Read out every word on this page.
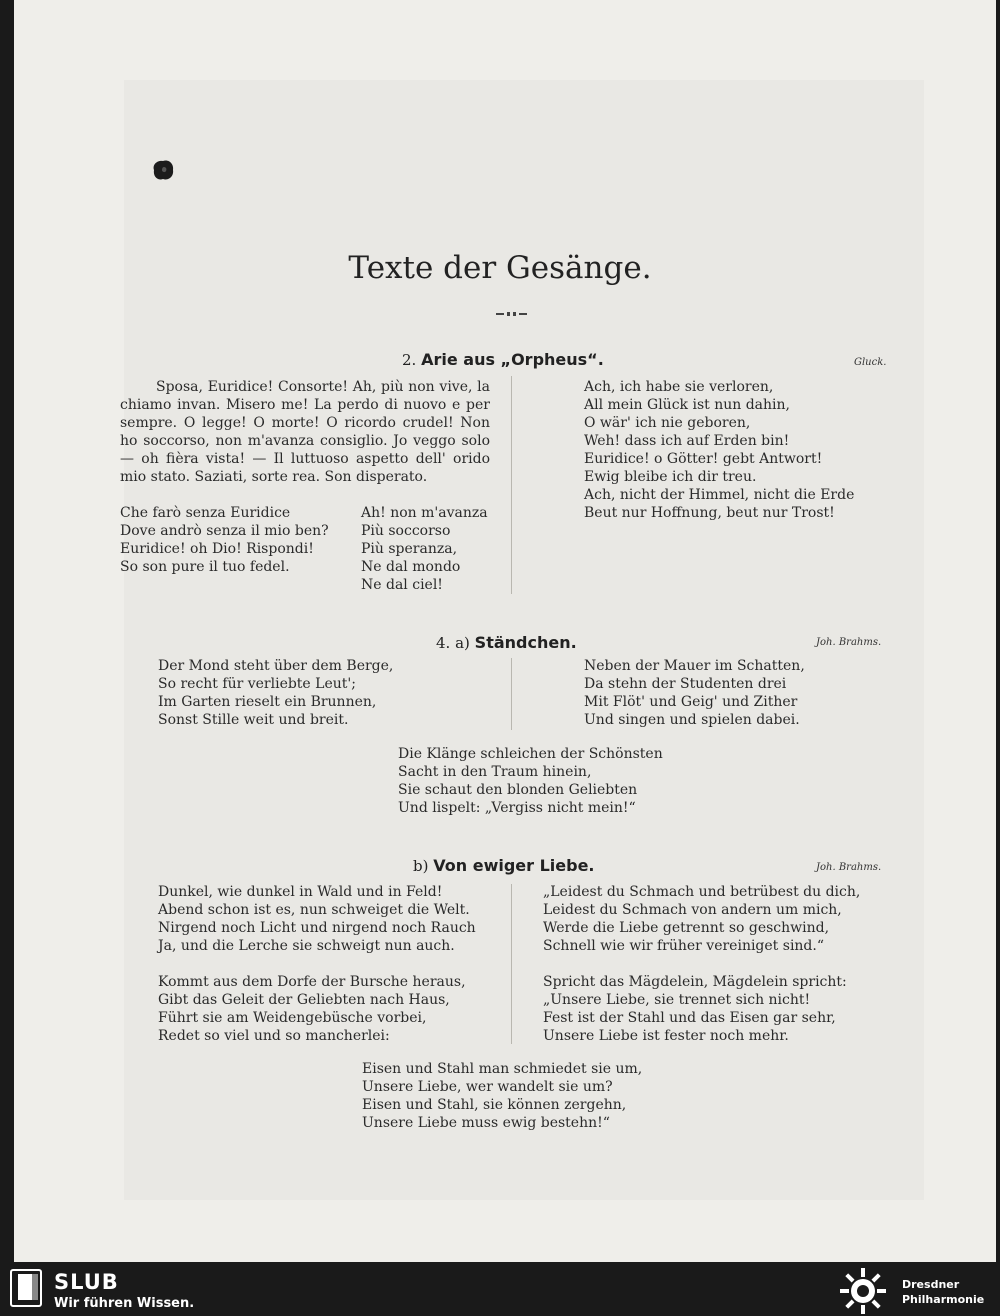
Texte der Gesänge.
2. Arie aus „Orpheus“.	Gluck.
Sposa, Euridice! Consorte! Ah, più non vive, la chiamo invan. Misero me! La perdo di nuovo e per sempre. O legge! O morte! O ricordo crudel! Non ho soccorso, non m'avanza consiglio. Jo veggo solo — oh fièra vista! — Il luttuoso aspetto dell' orido mio stato. Saziati, sorte rea. Son disperato.
Che farò senza Euridice
Dove andrò senza il mio ben?
Euridice! oh Dio! Rispondi!
So son pure il tuo fedel.
Ah! non m'avanza
Più soccorso
Più speranza,
Ne dal mondo
Ne dal ciel!
Ach, ich habe sie verloren,
All mein Glück ist nun dahin,
O wär' ich nie geboren,
Weh! dass ich auf Erden bin!
Euridice! o Götter! gebt Antwort!
Ewig bleibe ich dir treu.
Ach, nicht der Himmel, nicht die Erde
Beut nur Hoffnung, beut nur Trost!
4. a) Ständchen.	Joh. Brahms.
Der Mond steht über dem Berge,
So recht für verliebte Leut';
Im Garten rieselt ein Brunnen,
Sonst Stille weit und breit.
Neben der Mauer im Schatten,
Da stehn der Studenten drei
Mit Flöt' und Geig' und Zither
Und singen und spielen dabei.
Die Klänge schleichen der Schönsten
Sacht in den Traum hinein,
Sie schaut den blonden Geliebten
Und lispelt: „Vergiss nicht mein!“
b) Von ewiger Liebe.	Joh. Brahms.
Dunkel, wie dunkel in Wald und in Feld!
Abend schon ist es, nun schweiget die Welt.
Nirgend noch Licht und nirgend noch Rauch
Ja, und die Lerche sie schweigt nun auch.
Kommt aus dem Dorfe der Bursche heraus,
Gibt das Geleit der Geliebten nach Haus,
Führt sie am Weidengebüsche vorbei,
Redet so viel und so mancherlei:
„Leidest du Schmach und betrübest du dich,
Leidest du Schmach von andern um mich,
Werde die Liebe getrennt so geschwind,
Schnell wie wir früher vereiniget sind.“
Spricht das Mägdelein, Mägdelein spricht:
„Unsere Liebe, sie trennet sich nicht!
Fest ist der Stahl und das Eisen gar sehr,
Unsere Liebe ist fester noch mehr.
Eisen und Stahl man schmiedet sie um,
Unsere Liebe, wer wandelt sie um?
Eisen und Stahl, sie können zergehn,
Unsere Liebe muss ewig bestehn!“
SLUB
Wir führen Wissen.
Dresdner
Philharmonie
